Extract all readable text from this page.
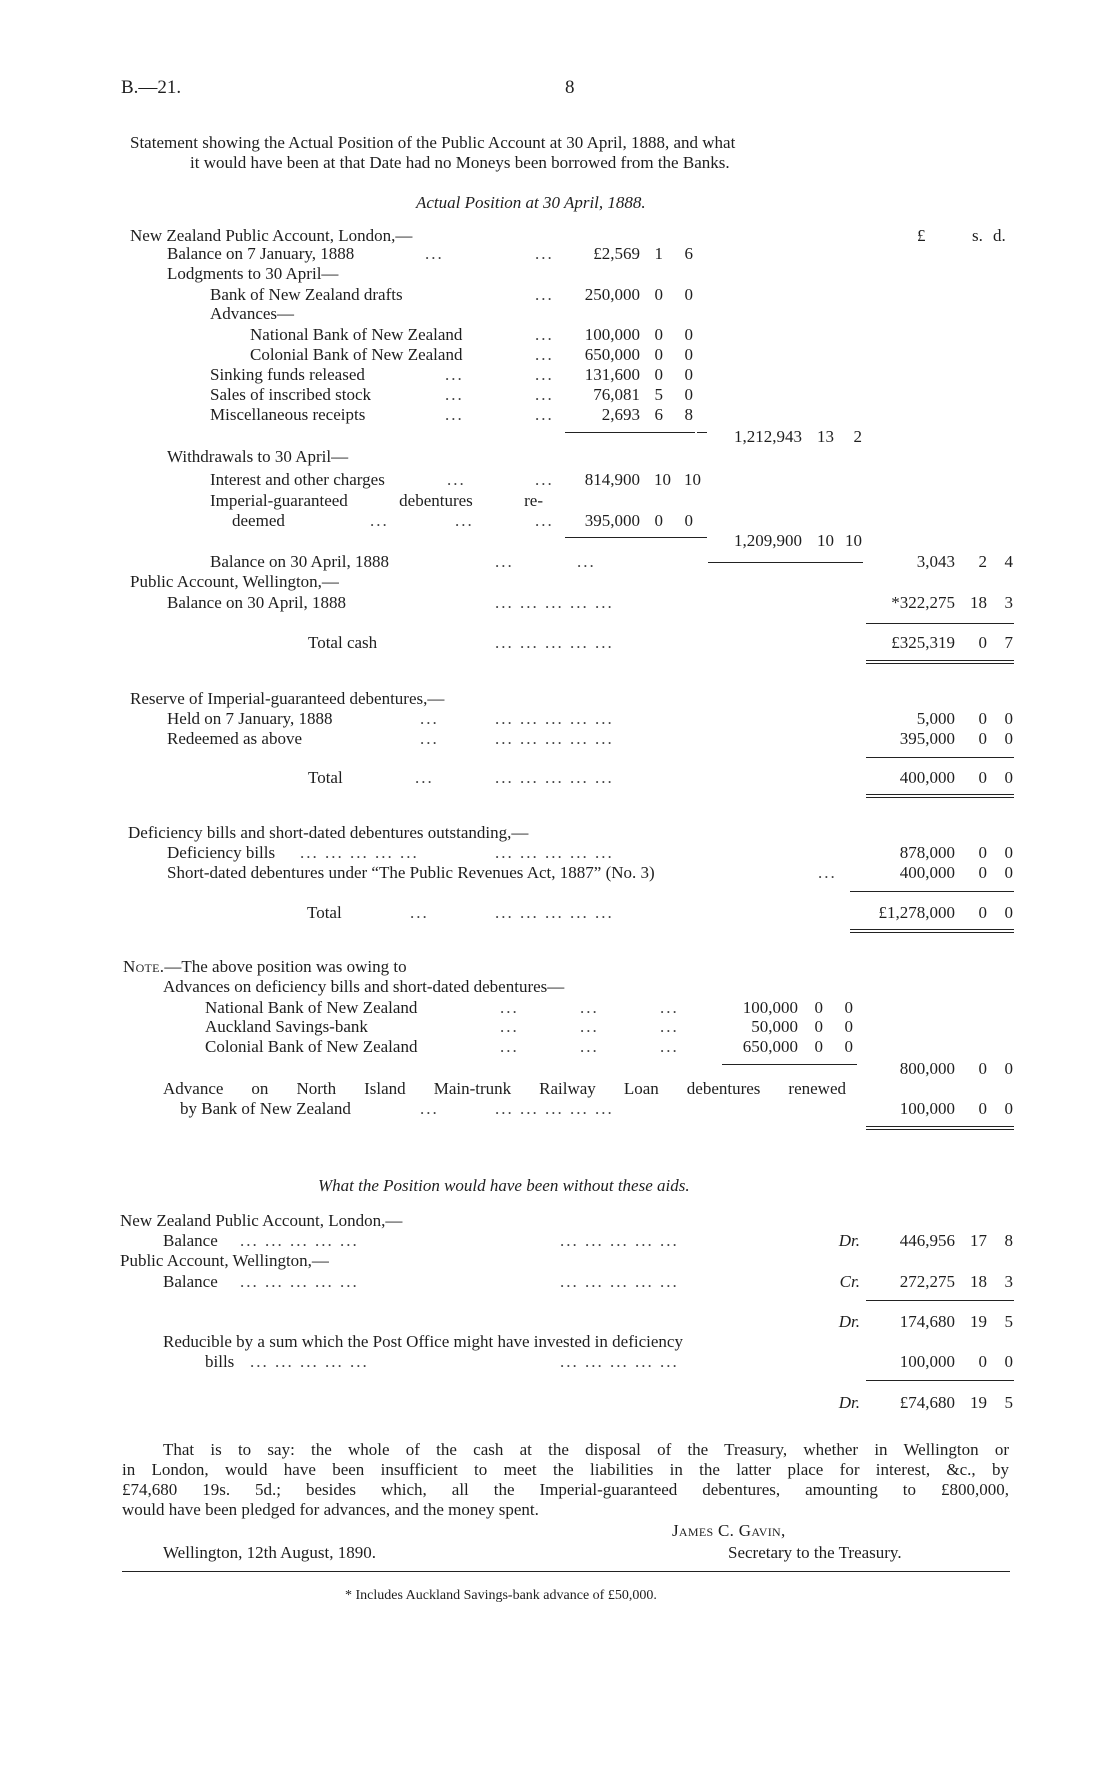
B.—21.	8
Statement showing the Actual Position of the Public Account at 30 April, 1888, and what
it would have been at that Date had no Moneys been borrowed from the Banks.
Actual Position at 30 April, 1888.
£	s. d.
New Zealand Public Account, London,—
Balance on 7 January, 1888	...	...	£2,569 1	6
Lodgments to 30 April—
Bank of New Zealand drafts	...	250,000 0	0
Advances—
National Bank of New Zealand	...	100,000 0	0
Colonial Bank of New Zealand	...	650,000 0	0
Sinking funds released	...	...	131,600 0	0
Sales of inscribed stock	...	...	76,081 5	0
Miscellaneous receipts	...	...	2,693 6	8
1,212,943 13	2
Withdrawals to 30 April—
Interest and other charges	...	...	814,900 10 10
Imperial-guaranteed debentures re-
deemed	...	...	...	395,000 0	0
1,209,900 10 10
Balance on 30 April, 1888	...	...	3,043	2	4
Public Account, Wellington,—
Balance on 30 April, 1888	... ... ... ... ...	*322,275 18	3
Total cash	... ... ... ... ...	£325,319	0	7
Reserve of Imperial-guaranteed debentures,—
Held on 7 January, 1888	...	... ... ... ... ...	5,000	0	0
Redeemed as above	...	... ... ... ... ...	395,000	0	0
Total	...	... ... ... ... ...	400,000	0	0
Deficiency bills and short-dated debentures outstanding,—
Deficiency bills ... ... ... ... ...	... ... ... ... ...	878,000	0	0
Short-dated debentures under “The Public Revenues Act, 1887” (No. 3)	...	400,000	0	0
Total	...	... ... ... ... ...	£1,278,000	0	0
Note.—The above position was owing to
Advances on deficiency bills and short-dated debentures—
National Bank of New Zealand	...	...	...	100,000 0	0
Auckland Savings-bank	...	...	...	50,000 0	0
Colonial Bank of New Zealand	...	...	...	650,000 0	0
800,000	0	0
Advance on North Island Main-trunk Railway Loan debentures renewed
by Bank of New Zealand	...	... ... ... ... ...	100,000	0	0
What the Position would have been without these aids.
New Zealand Public Account, London,—
Balance ... ... ... ... ...	... ... ... ... ...	Dr.	446,956 17	8
Public Account, Wellington,—
Balance ... ... ... ... ...	... ... ... ... ...	Cr.	272,275 18	3
Dr.	174,680 19	5
Reducible by a sum which the Post Office might have invested in deficiency
bills ... ... ... ... ...	... ... ... ... ...	100,000	0	0
Dr.	£74,680 19	5
That is to say: the whole of the cash at the disposal of the Treasury, whether in Wellington or
in London, would have been insufficient to meet the liabilities in the latter place for interest, &c., by
£74,680 19s. 5d.; besides which, all the Imperial-guaranteed debentures, amounting to £800,000,
would have been pledged for advances, and the money spent.
James C. Gavin,
Wellington, 12th August, 1890.	Secretary to the Treasury.
* Includes Auckland Savings-bank advance of £50,000.
